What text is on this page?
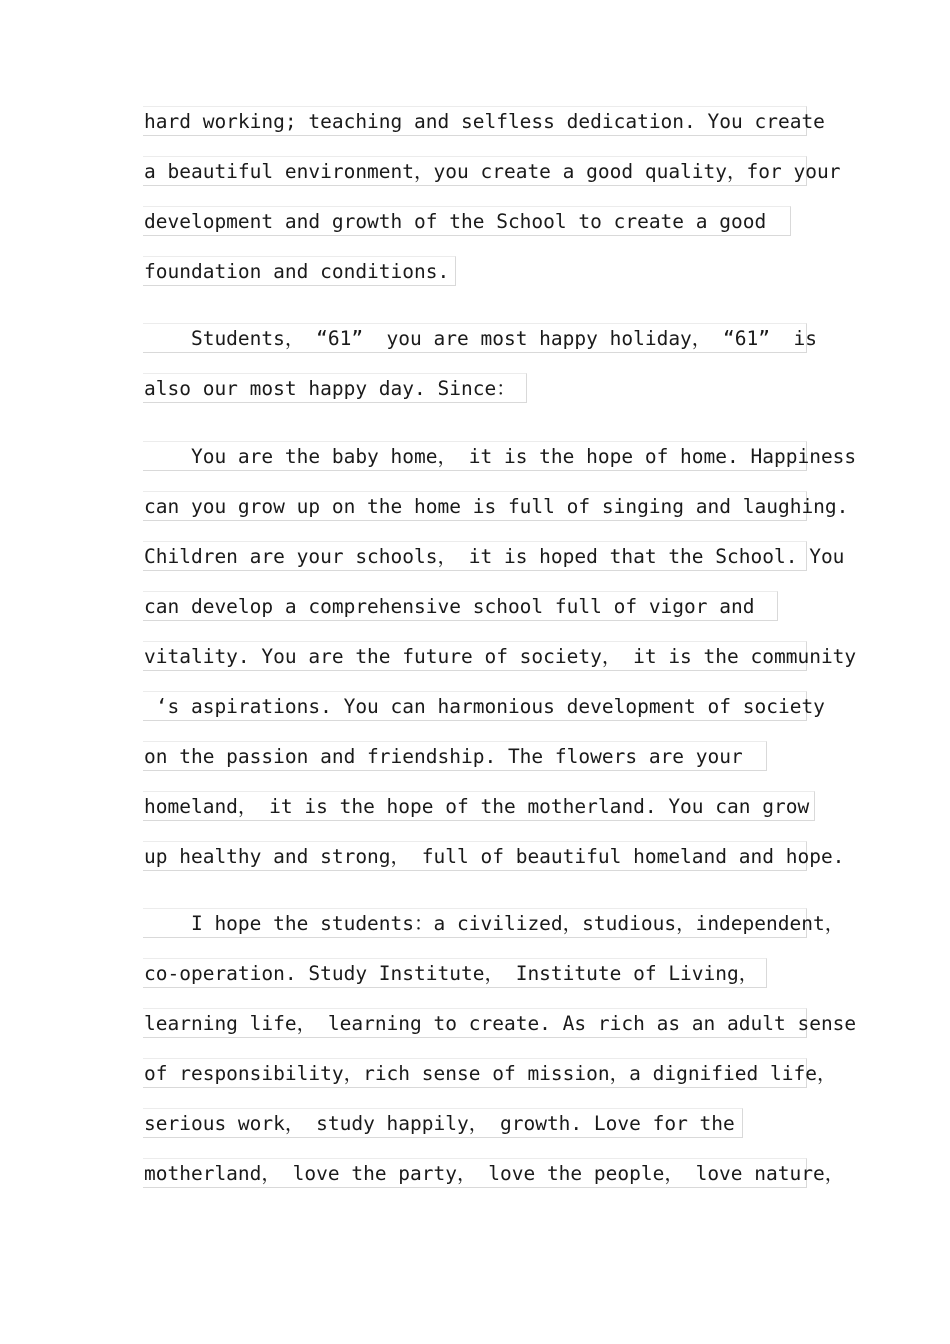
hard working; teaching and selfless dedication. You create
a beautiful environment，you create a good quality，for your
development and growth of the School to create a good
foundation and conditions.
Students， “61”  you are most happy holiday， “61”  is
also our most happy day. Since：
You are the baby home， it is the hope of home. Happiness
can you grow up on the home is full of singing and laughing.
Children are your schools， it is hoped that the School. You
can develop a comprehensive school full of vigor and
vitality. You are the future of society， it is the community
‘s aspirations. You can harmonious development of society
on the passion and friendship. The flowers are your
homeland， it is the hope of the motherland. You can grow
up healthy and strong， full of beautiful homeland and hope.
I hope the students：a civilized，studious，independent，
co-operation. Study Institute， Institute of Living，
learning life， learning to create. As rich as an adult sense
of responsibility，rich sense of mission，a dignified life，
serious work， study happily， growth. Love for the
motherland， love the party， love the people， love nature，
